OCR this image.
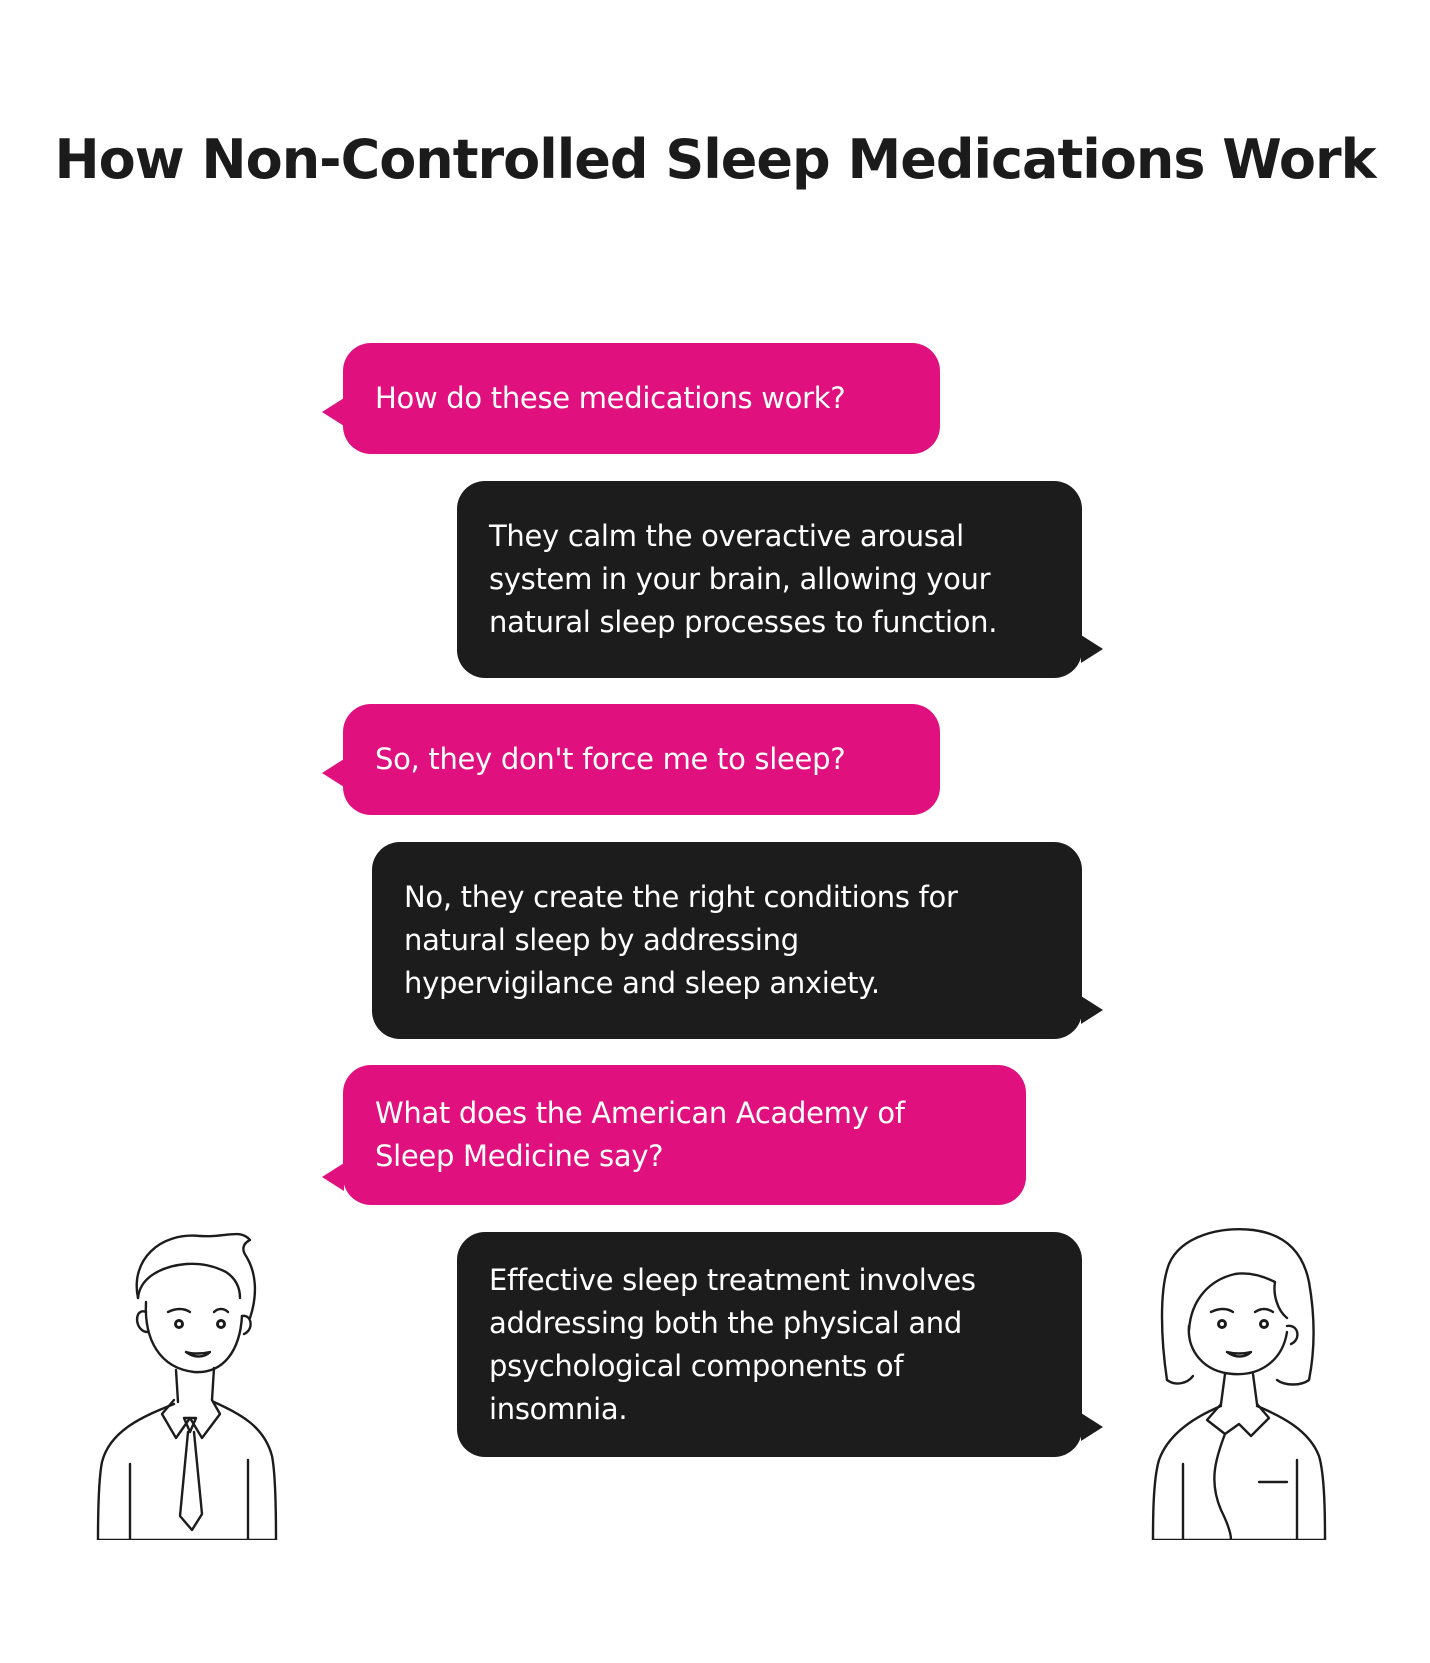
How Non-Controlled Sleep Medications Work
How do these medications work?
They calm the overactive arousal
system in your brain, allowing your
natural sleep processes to function.
So, they don't force me to sleep?
No, they create the right conditions for
natural sleep by addressing
hypervigilance and sleep anxiety.
What does the American Academy of
Sleep Medicine say?
Effective sleep treatment involves
addressing both the physical and
psychological components of
insomnia.
